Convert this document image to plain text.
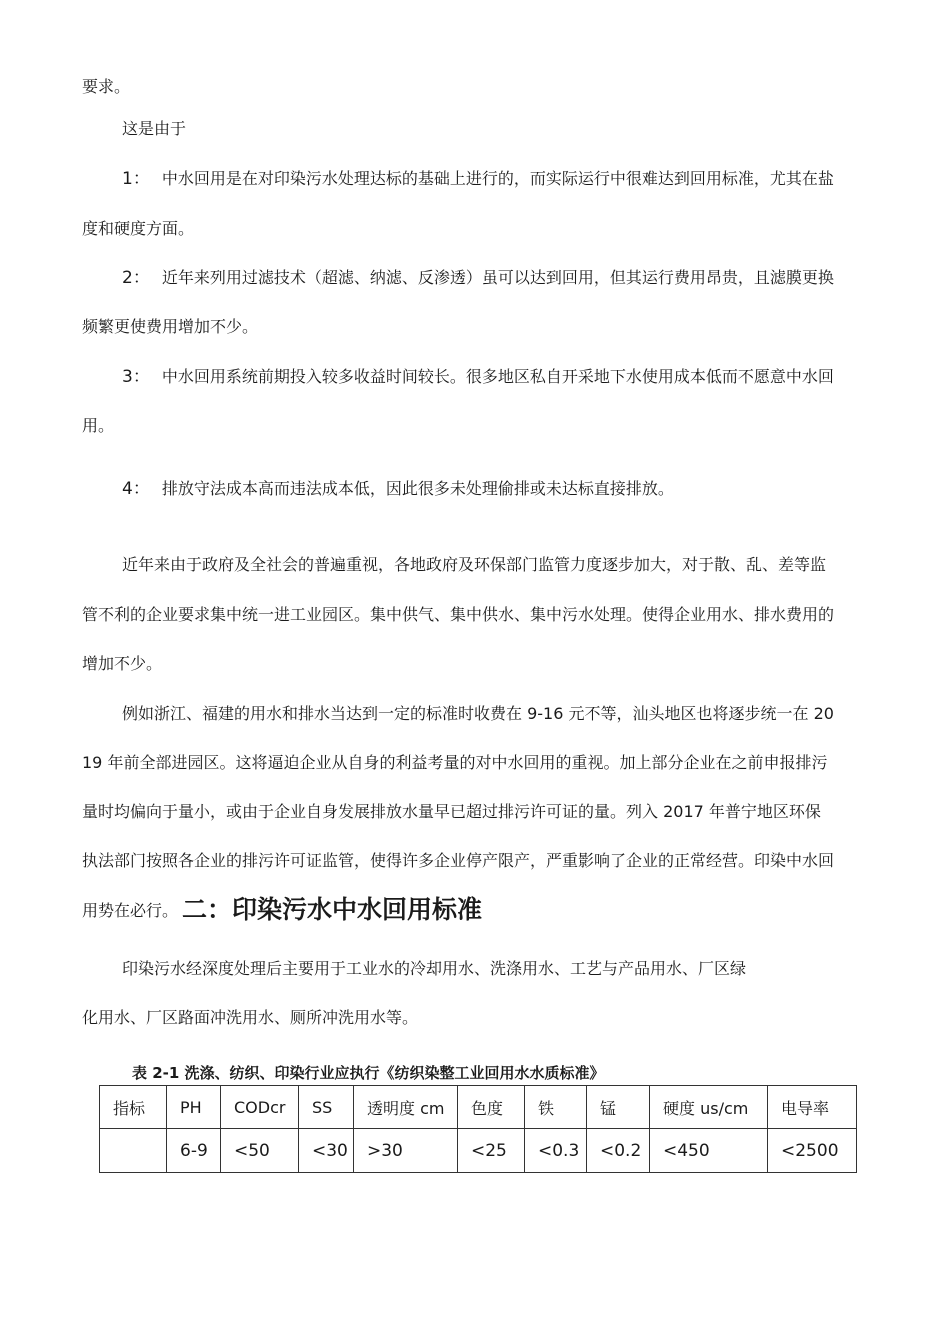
要求。
这是由于
1： 中水回用是在对印染污水处理达标的基础上进行的，而实际运行中很难达到回用标准，尤其在盐
度和硬度方面。
2： 近年来列用过滤技术（超滤、纳滤、反渗透）虽可以达到回用，但其运行费用昂贵，且滤膜更换
频繁更使费用增加不少。
3： 中水回用系统前期投入较多收益时间较长。很多地区私自开采地下水使用成本低而不愿意中水回
用。
4： 排放守法成本高而违法成本低，因此很多未处理偷排或未达标直接排放。
近年来由于政府及全社会的普遍重视，各地政府及环保部门监管力度逐步加大，对于散、乱、差等监
管不利的企业要求集中统一进工业园区。集中供气、集中供水、集中污水处理。使得企业用水、排水费用的
增加不少。
例如浙江、福建的用水和排水当达到一定的标准时收费在 9-16 元不等，汕头地区也将逐步统一在 20
19 年前全部进园区。这将逼迫企业从自身的利益考量的对中水回用的重视。加上部分企业在之前申报排污
量时均偏向于量小，或由于企业自身发展排放水量早已超过排污许可证的量。列入 2017 年普宁地区环保
执法部门按照各企业的排污许可证监管，使得许多企业停产限产，严重影响了企业的正常经营。印染中水回
用势在必行。 二：印染污水中水回用标准
印染污水经深度处理后主要用于工业水的冷却用水、洗涤用水、工艺与产品用水、厂区绿
化用水、厂区路面冲洗用水、厕所冲洗用水等。
表 2-1 洗涤、纺织、印染行业应执行《纺织染整工业回用水水质标准》
指标	PH	CODcr	SS	透明度 cm	色度	铁	锰	硬度 us/cm	电导率
	6-9	<50	<30	>30	<25	<0.3	<0.2	<450	<2500
